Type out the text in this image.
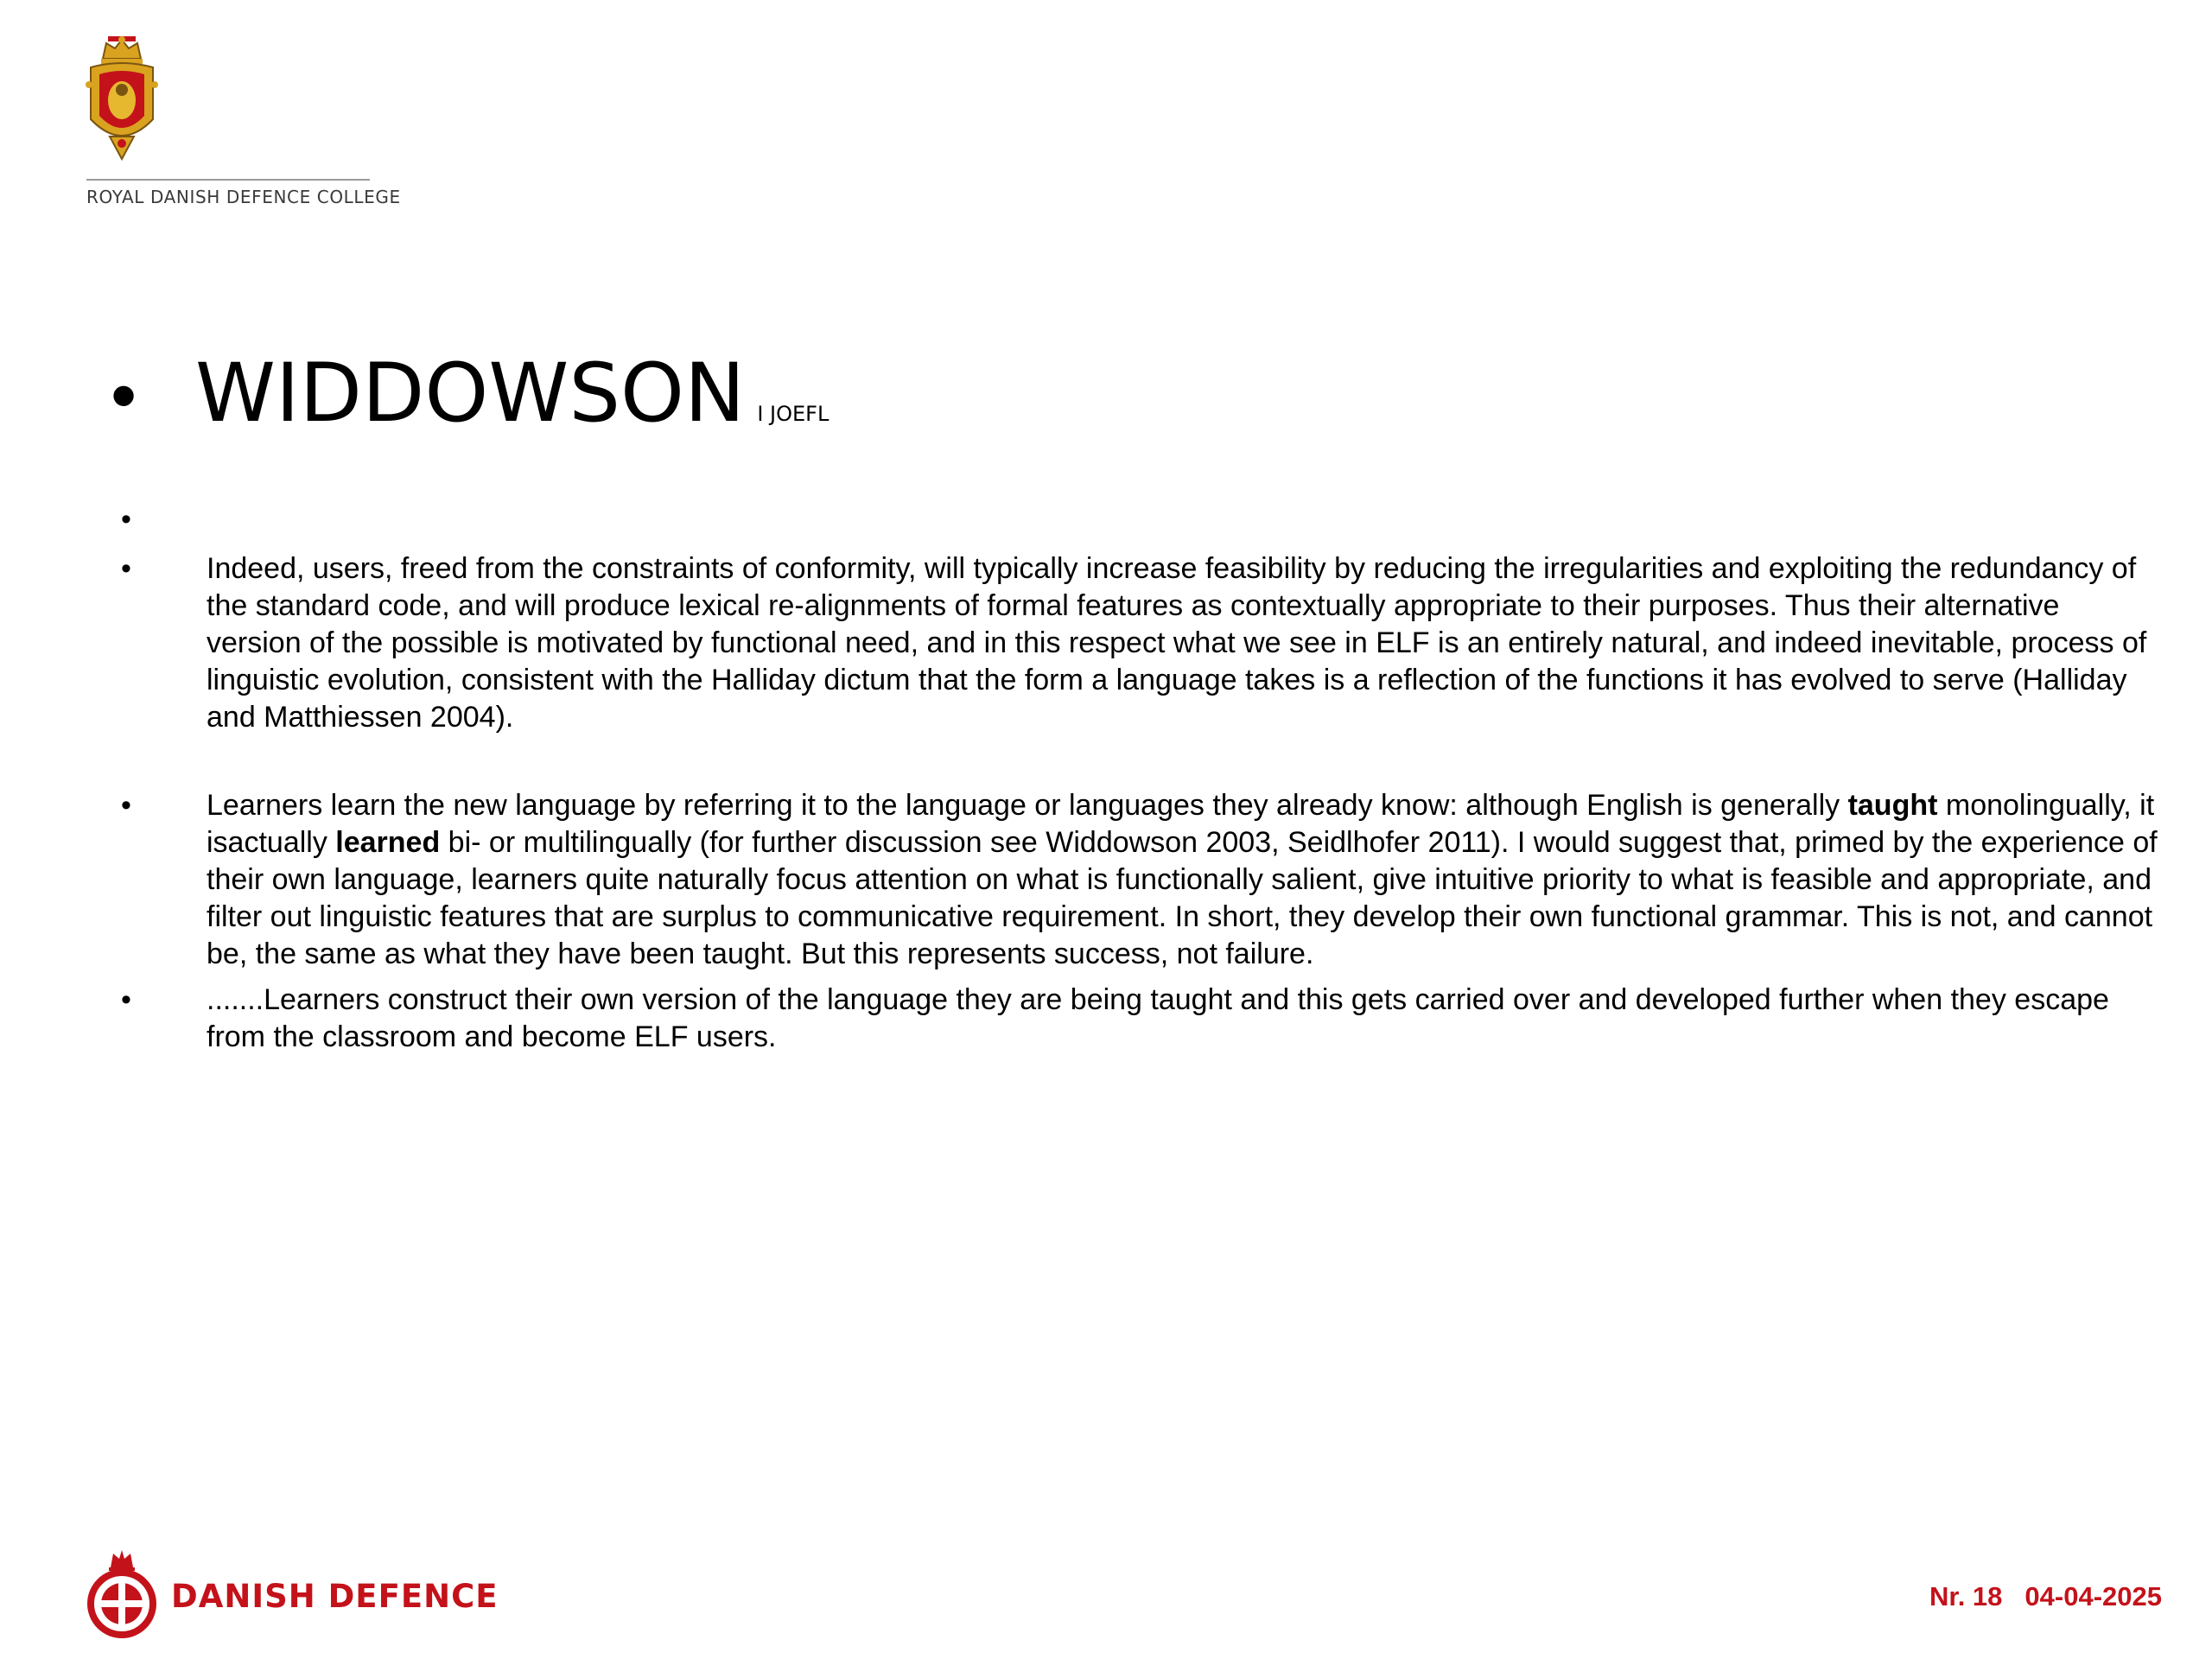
ROYAL DANISH DEFENCE COLLEGE
• WIDDOWSON I JOEFL
•
•	Indeed, users, freed from the constraints of conformity, will typically increase feasibility by reducing the irregularities and exploiting the redundancy of the standard code, and will produce lexical re-alignments of formal features as contextually appropriate to their purposes. Thus their alternative version of the possible is motivated by functional need, and in this respect what we see in ELF is an entirely natural, and indeed inevitable, process of linguistic evolution, consistent with the Halliday dictum that the form a language takes is a reflection of the functions it has evolved to serve (Halliday and Matthiessen 2004).
•	Learners learn the new language by referring it to the language or languages they already know: although English is generally taught monolingually, it isactually learned bi- or multilingually (for further discussion see Widdowson 2003, Seidlhofer 2011). I would suggest that, primed by the experience of their own language, learners quite naturally focus attention on what is functionally salient, give intuitive priority to what is feasible and appropriate, and filter out linguistic features that are surplus to communicative requirement. In short, they develop their own functional grammar. This is not, and cannot be, the same as what they have been taught. But this represents success, not failure.
•	.......Learners construct their own version of the language they are being taught and this gets carried over and developed further when they escape from the classroom and become ELF users.
DANISH DEFENCE	Nr. 18 04-04-2025
